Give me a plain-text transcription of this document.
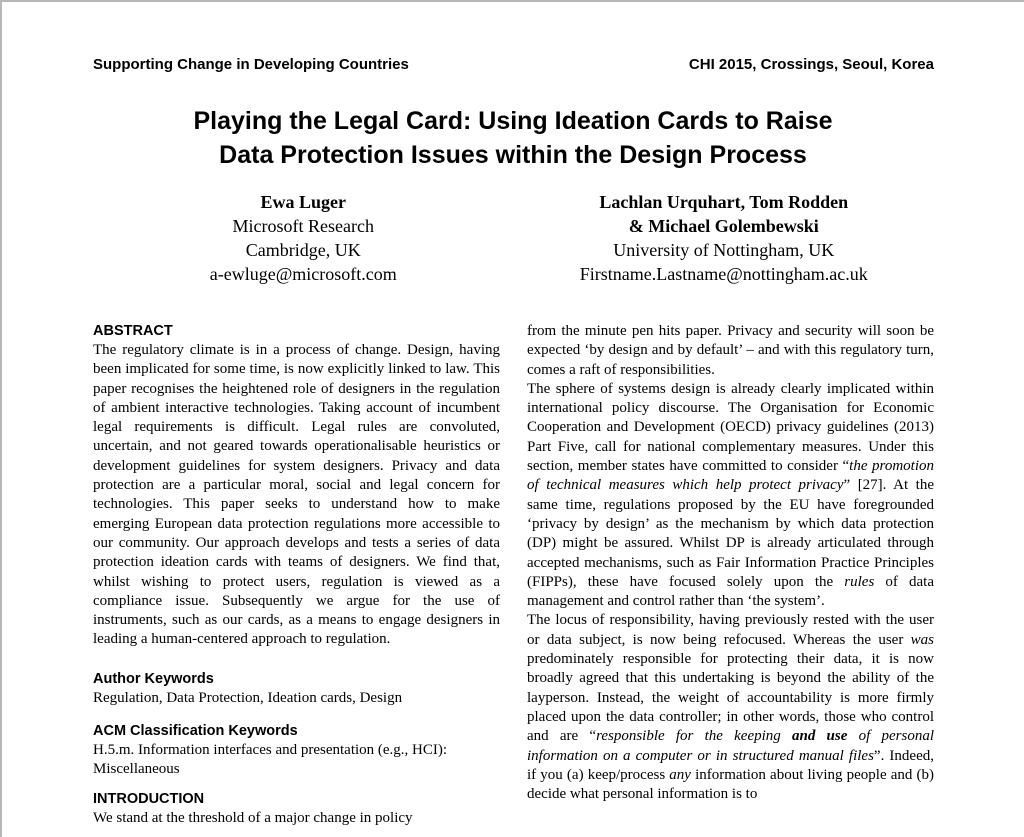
Supporting Change in Developing Countries	CHI 2015, Crossings, Seoul, Korea
Playing the Legal Card: Using Ideation Cards to Raise
Data Protection Issues within the Design Process
Ewa Luger
Microsoft Research
Cambridge, UK
a-ewluge@microsoft.com
Lachlan Urquhart, Tom Rodden
& Michael Golembewski
University of Nottingham, UK
Firstname.Lastname@nottingham.ac.uk
ABSTRACT

The regulatory climate is in a process of change. Design, having been implicated for some time, is now explicitly linked to law. This paper recognises the heightened role of designers in the regulation of ambient interactive technologies. Taking account of incumbent legal requirements is difficult. Legal rules are convoluted, uncertain, and not geared towards operationalisable heuristics or development guidelines for system designers. Privacy and data protection are a particular moral, social and legal concern for technologies. This paper seeks to understand how to make emerging European data protection regulations more accessible to our community. Our approach develops and tests a series of data protection ideation cards with teams of designers. We find that, whilst wishing to protect users, regulation is viewed as a compliance issue. Subsequently we argue for the use of instruments, such as our cards, as a means to engage designers in leading a human-centered approach to regulation.

Author Keywords

Regulation, Data Protection, Ideation cards, Design

ACM Classification Keywords

H.5.m. Information interfaces and presentation (e.g., HCI): Miscellaneous

INTRODUCTION

We stand at the threshold of a major change in policy

from the minute pen hits paper. Privacy and security will soon be expected ‘by design and by default’ – and with this regulatory turn, comes a raft of responsibilities.

The sphere of systems design is already clearly implicated within international policy discourse. The Organisation for Economic Cooperation and Development (OECD) privacy guidelines (2013) Part Five, call for national complementary measures. Under this section, member states have committed to consider “the promotion of technical measures which help protect privacy” [27]. At the same time, regulations proposed by the EU have foregrounded ‘privacy by design’ as the mechanism by which data protection (DP) might be assured. Whilst DP is already articulated through accepted mechanisms, such as Fair Information Practice Principles (FIPPs), these have focused solely upon the rules of data management and control rather than ‘the system’.

The locus of responsibility, having previously rested with the user or data subject, is now being refocused. Whereas the user was predominately responsible for protecting their data, it is now broadly agreed that this undertaking is beyond the ability of the layperson. Instead, the weight of accountability is more firmly placed upon the data controller; in other words, those who control and are “responsible for the keeping and use of personal information on a computer or in structured manual files”. Indeed, if you (a) keep/process any information about living people and (b) decide what personal information is to
